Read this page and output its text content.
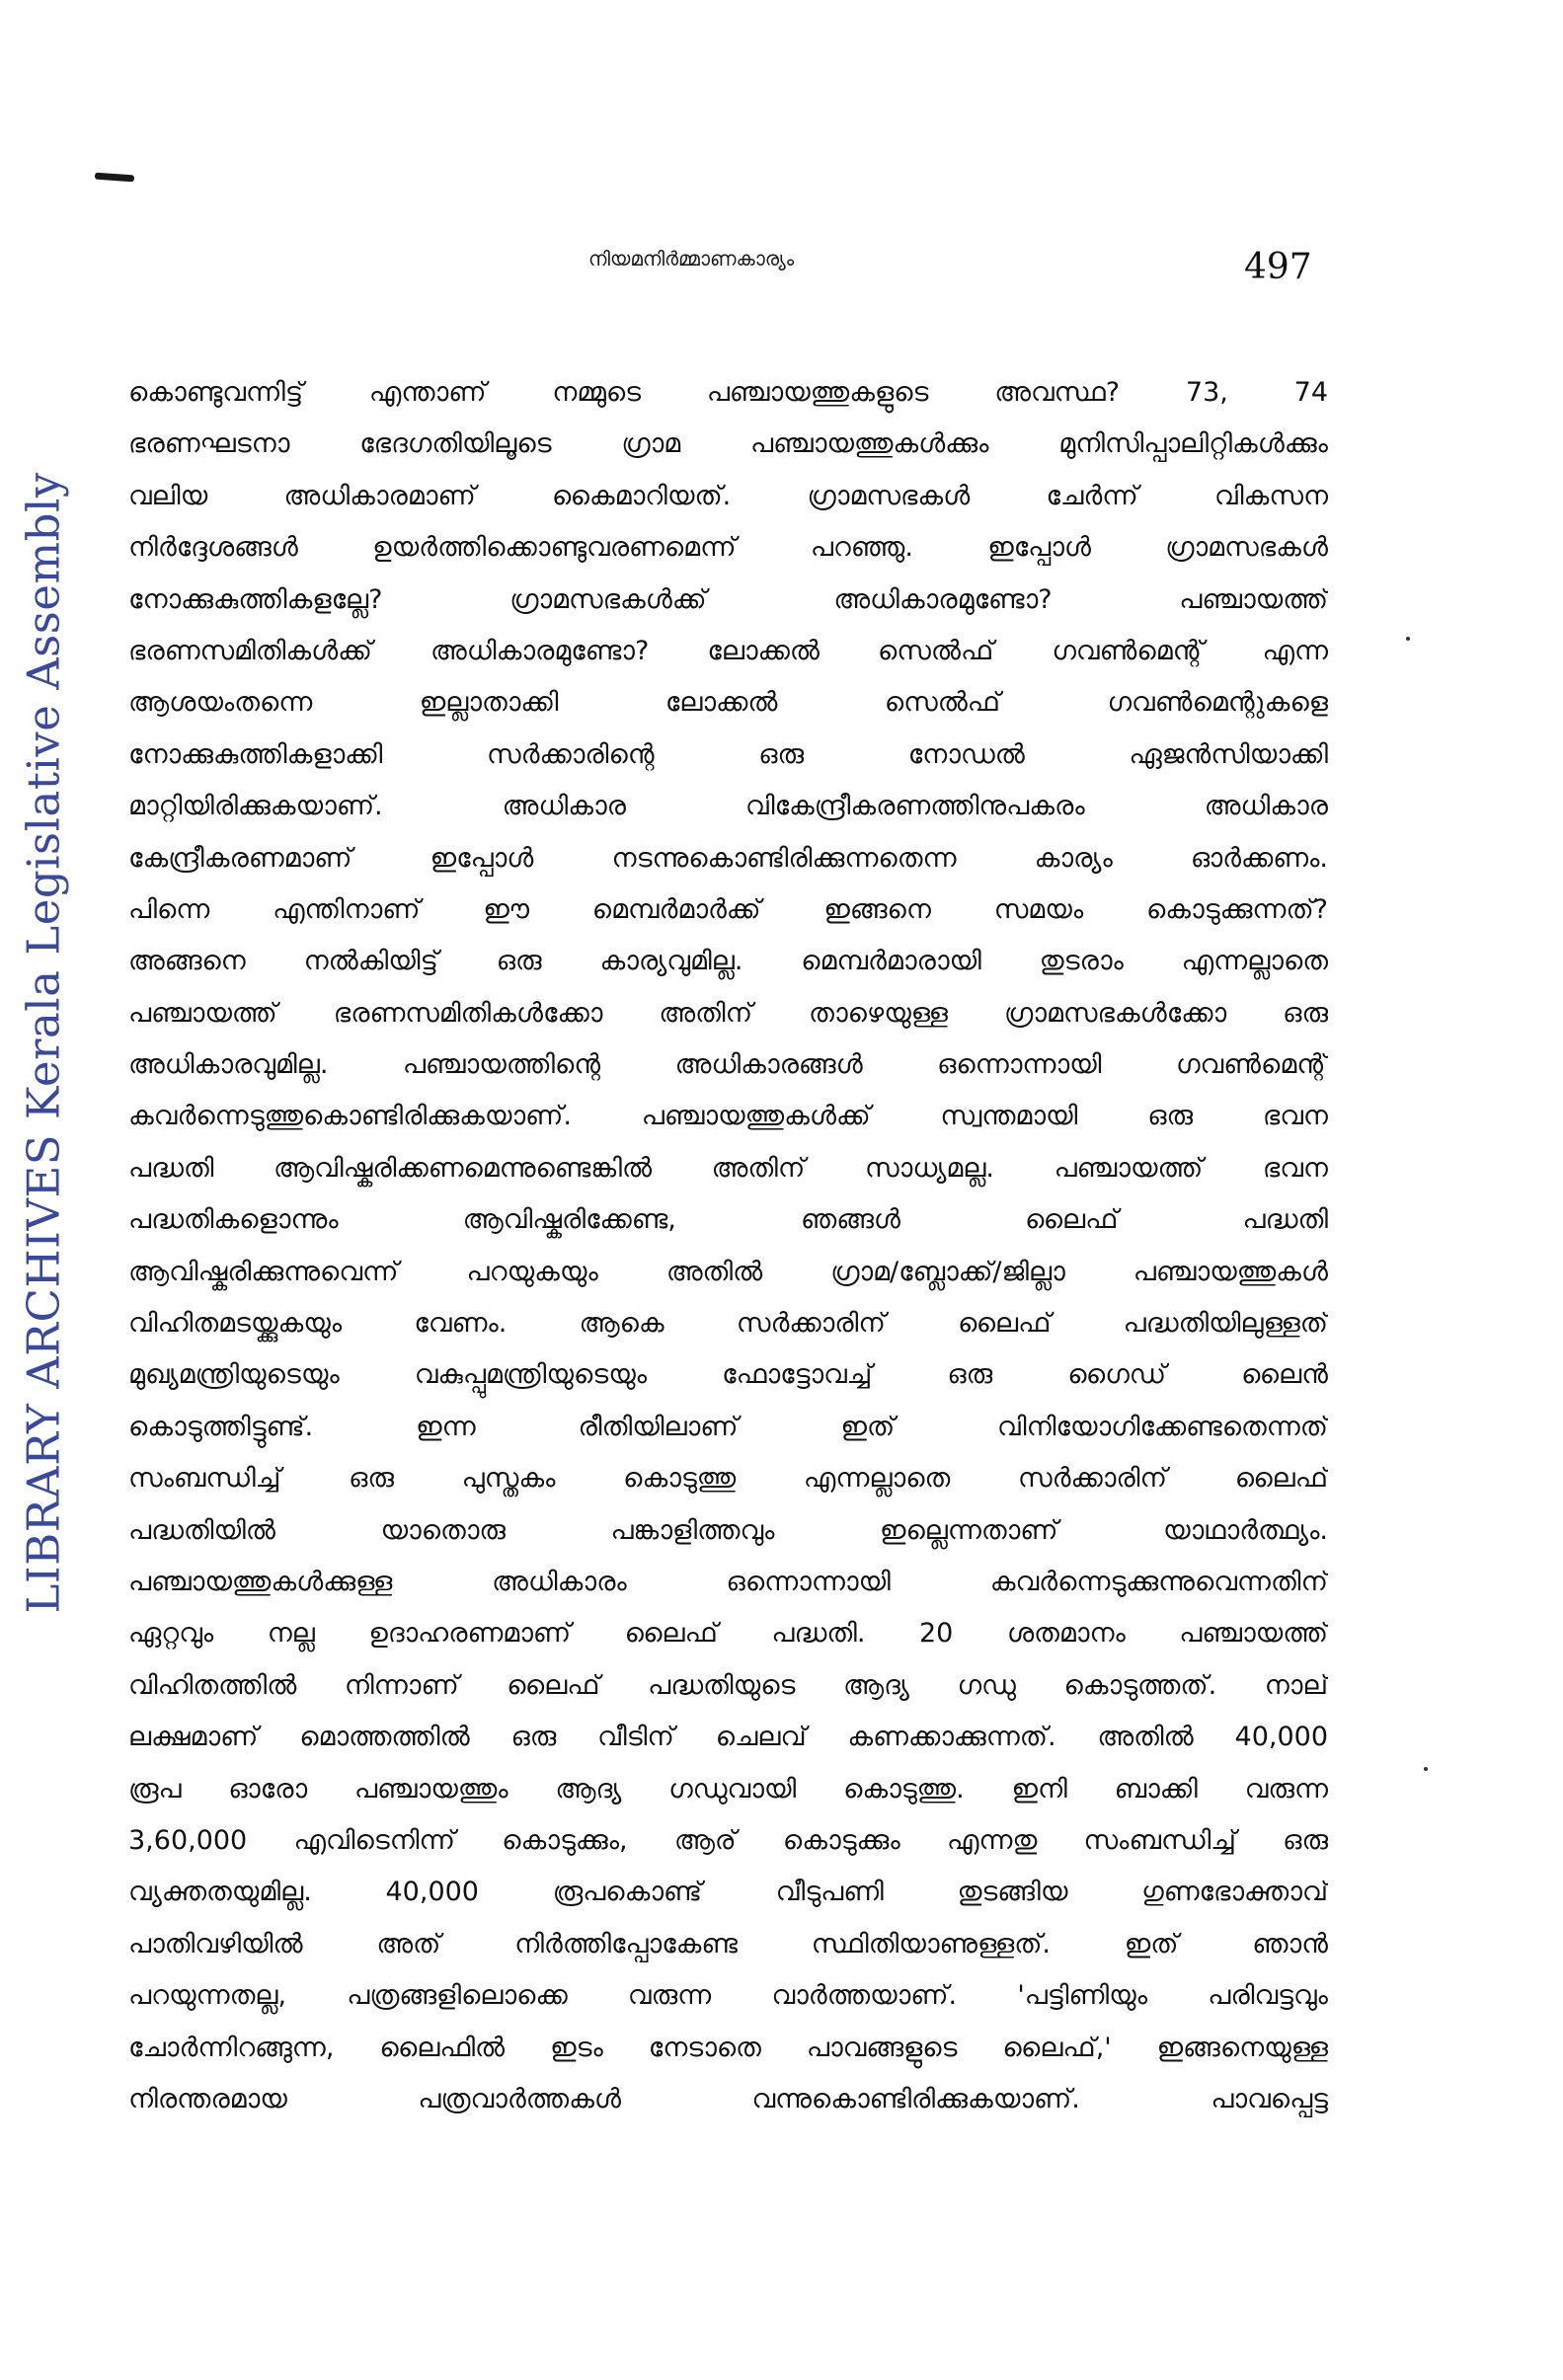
LIBRARY ARCHIVES Kerala Legislative Assembly
നിയമനിർമ്മാണകാര്യം	497
കൊണ്ടുവന്നിട്ട് എന്താണ് നമ്മുടെ പഞ്ചായത്തുകളുടെ അവസ്ഥ? 73, 74
ഭരണഘടനാ ഭേദഗതിയിലൂടെ ഗ്രാമ പഞ്ചായത്തുകൾക്കും മുനിസിപ്പാലിറ്റികൾക്കും
വലിയ അധികാരമാണ് കൈമാറിയത്. ഗ്രാമസഭകൾ ചേർന്ന് വികസന
നിർദ്ദേശങ്ങൾ ഉയർത്തിക്കൊണ്ടുവരണമെന്ന് പറഞ്ഞു. ഇപ്പോൾ ഗ്രാമസഭകൾ
നോക്കുകുത്തികളല്ലേ? ഗ്രാമസഭകൾക്ക് അധികാരമുണ്ടോ? പഞ്ചായത്ത്
ഭരണസമിതികൾക്ക് അധികാരമുണ്ടോ? ലോക്കൽ സെൽഫ് ഗവൺമെന്റ് എന്ന
ആശയംതന്നെ ഇല്ലാതാക്കി ലോക്കൽ സെൽഫ് ഗവൺമെന്റുകളെ
നോക്കുകുത്തികളാക്കി സർക്കാരിന്റെ ഒരു നോഡൽ ഏജൻസിയാക്കി
മാറ്റിയിരിക്കുകയാണ്. അധികാര വികേന്ദ്രീകരണത്തിനുപകരം അധികാര
കേന്ദ്രീകരണമാണ് ഇപ്പോൾ നടന്നുകൊണ്ടിരിക്കുന്നതെന്ന കാര്യം ഓർക്കണം.
പിന്നെ എന്തിനാണ് ഈ മെമ്പർമാർക്ക് ഇങ്ങനെ സമയം കൊടുക്കുന്നത്?
അങ്ങനെ നൽകിയിട്ട് ഒരു കാര്യവുമില്ല. മെമ്പർമാരായി തുടരാം എന്നല്ലാതെ
പഞ്ചായത്ത് ഭരണസമിതികൾക്കോ അതിന് താഴെയുള്ള ഗ്രാമസഭകൾക്കോ ഒരു
അധികാരവുമില്ല. പഞ്ചായത്തിന്റെ അധികാരങ്ങൾ ഒന്നൊന്നായി ഗവൺമെന്റ്
കവർന്നെടുത്തുകൊണ്ടിരിക്കുകയാണ്. പഞ്ചായത്തുകൾക്ക് സ്വന്തമായി ഒരു ഭവന
പദ്ധതി ആവിഷ്കരിക്കണമെന്നുണ്ടെങ്കിൽ അതിന് സാധ്യമല്ല. പഞ്ചായത്ത് ഭവന
പദ്ധതികളൊന്നും ആവിഷ്കരിക്കേണ്ട, ഞങ്ങൾ ലൈഫ് പദ്ധതി
ആവിഷ്കരിക്കുന്നുവെന്ന് പറയുകയും അതിൽ ഗ്രാമ/ബ്ലോക്ക്/ജില്ലാ പഞ്ചായത്തുകൾ
വിഹിതമടയ്ക്കുകയും വേണം. ആകെ സർക്കാരിന് ലൈഫ് പദ്ധതിയിലുള്ളത്
മുഖ്യമന്ത്രിയുടെയും വകുപ്പുമന്ത്രിയുടെയും ഫോട്ടോവച്ച് ഒരു ഗൈഡ് ലൈൻ
കൊടുത്തിട്ടുണ്ട്. ഇന്ന രീതിയിലാണ് ഇത് വിനിയോഗിക്കേണ്ടതെന്നത്
സംബന്ധിച്ച് ഒരു പുസ്തകം കൊടുത്തു എന്നല്ലാതെ സർക്കാരിന് ലൈഫ്
പദ്ധതിയിൽ യാതൊരു പങ്കാളിത്തവും ഇല്ലെന്നതാണ് യാഥാർത്ഥ്യം.
പഞ്ചായത്തുകൾക്കുള്ള അധികാരം ഒന്നൊന്നായി കവർന്നെടുക്കുന്നുവെന്നതിന്
ഏറ്റവും നല്ല ഉദാഹരണമാണ് ലൈഫ് പദ്ധതി. 20 ശതമാനം പഞ്ചായത്ത്
വിഹിതത്തിൽ നിന്നാണ് ലൈഫ് പദ്ധതിയുടെ ആദ്യ ഗഡു കൊടുത്തത്. നാല്
ലക്ഷമാണ് മൊത്തത്തിൽ ഒരു വീടിന് ചെലവ് കണക്കാക്കുന്നത്. അതിൽ 40,000
രൂപ ഓരോ പഞ്ചായത്തും ആദ്യ ഗഡുവായി കൊടുത്തു. ഇനി ബാക്കി വരുന്ന
3,60,000 എവിടെനിന്ന് കൊടുക്കും, ആര് കൊടുക്കും എന്നതു സംബന്ധിച്ച് ഒരു
വ്യക്തതയുമില്ല. 40,000 രൂപകൊണ്ട് വീടുപണി തുടങ്ങിയ ഗുണഭോക്താവ്
പാതിവഴിയിൽ അത് നിർത്തിപ്പോകേണ്ട സ്ഥിതിയാണുള്ളത്. ഇത് ഞാൻ
പറയുന്നതല്ല, പത്രങ്ങളിലൊക്കെ വരുന്ന വാർത്തയാണ്. 'പട്ടിണിയും പരിവട്ടവും
ചോർന്നിറങ്ങുന്ന, ലൈഫിൽ ഇടം നേടാതെ പാവങ്ങളുടെ ലൈഫ്,' ഇങ്ങനെയുള്ള
നിരന്തരമായ പത്രവാർത്തകൾ വന്നുകൊണ്ടിരിക്കുകയാണ്. പാവപ്പെട്ട
